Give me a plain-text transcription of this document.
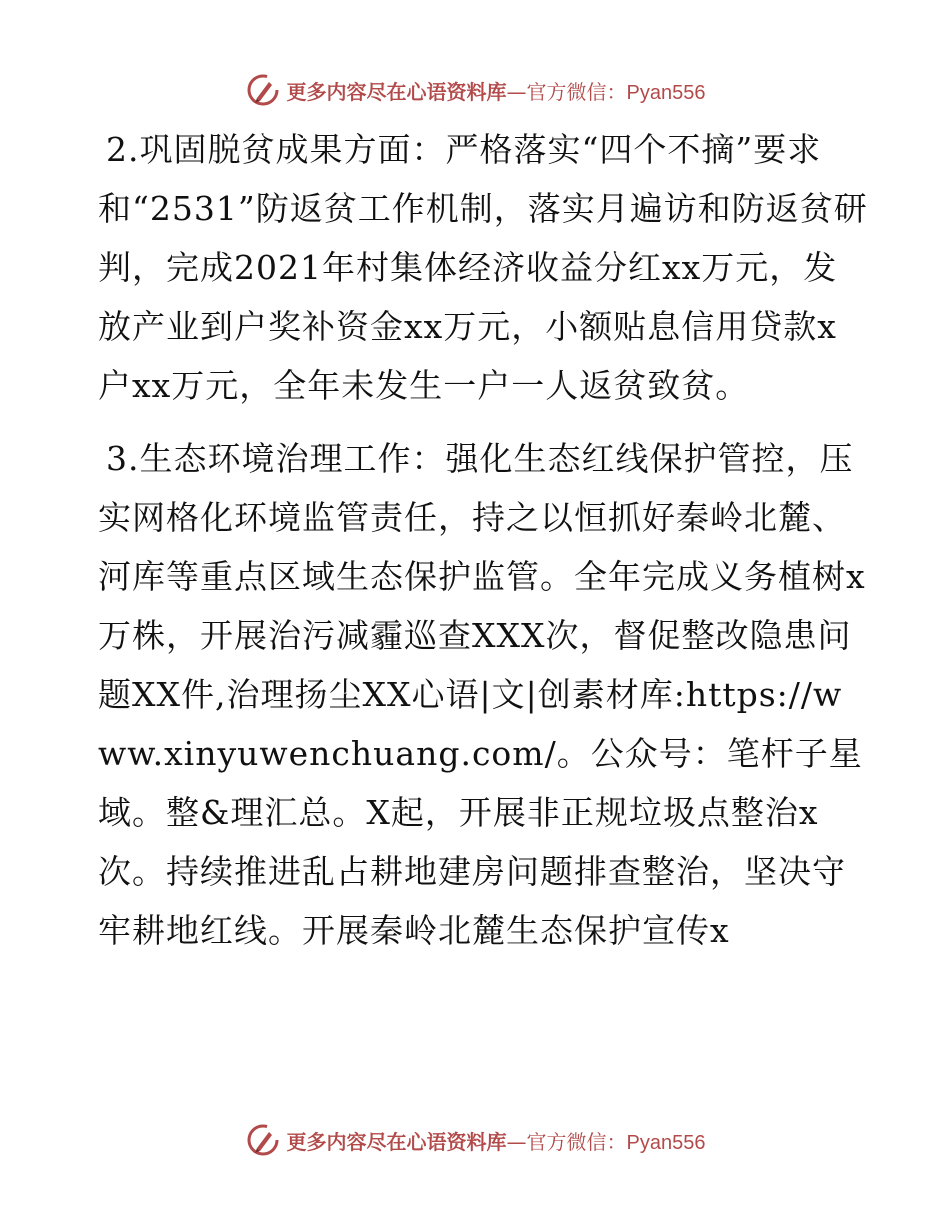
更多内容尽在心语资料库—官方微信：Pyan556

2.巩固脱贫成果方面：严格落实“四个不摘”要求和“2531”防返贫工作机制，落实月遍访和防返贫研判，完成2021年村集体经济收益分红xx万元，发放产业到户奖补资金xx万元，小额贴息信用贷款x户xx万元，全年未发生一户一人返贫致贫。

3.生态环境治理工作：强化生态红线保护管控，压实网格化环境监管责任，持之以恒抓好秦岭北麓、河库等重点区域生态保护监管。全年完成义务植树x万株，开展治污减霾巡查XXX次，督促整改隐患问题XX件,治理扬尘XX心语|文|创素材库:https://www.xinyuwenchuang.com/。公众号：笔杆子星域。整&理汇总。X起，开展非正规垃圾点整治x次。持续推进乱占耕地建房问题排查整治，坚决守牢耕地红线。开展秦岭北麓生态保护宣传x

更多内容尽在心语资料库—官方微信：Pyan556
